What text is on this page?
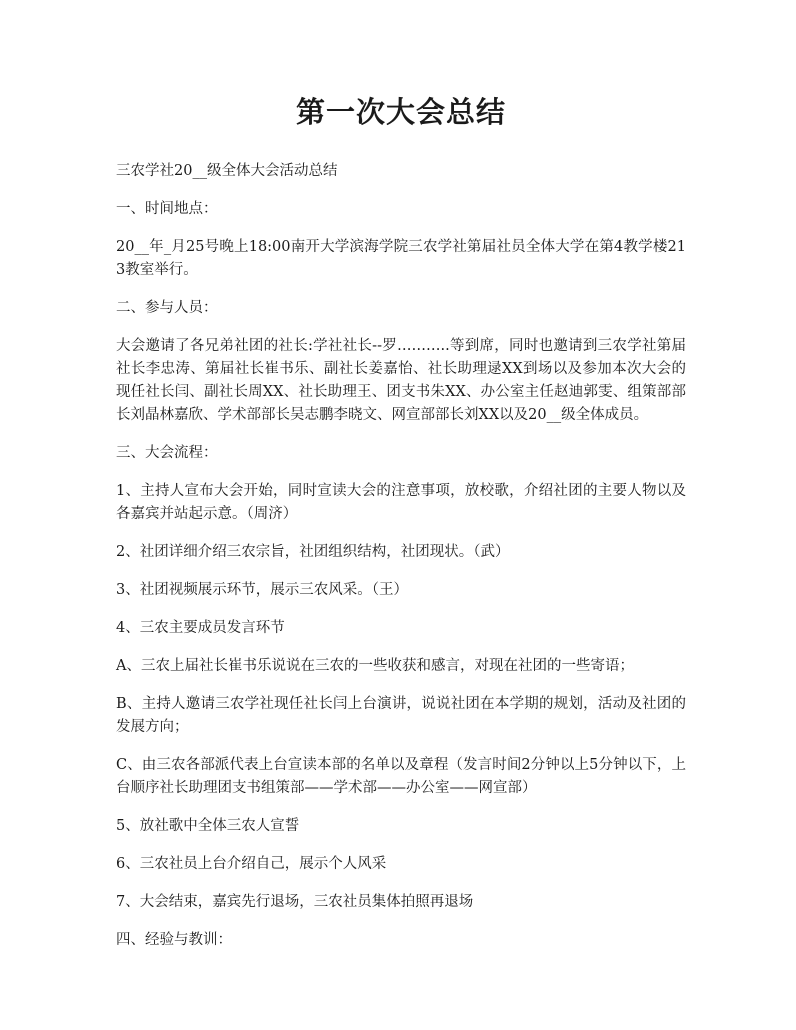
第一次大会总结

三农学社20__级全体大会活动总结

一、时间地点：

20__年_月25号晚上18:00南开大学滨海学院三农学社第届社员全体大学在第4教学楼213教室举行。

二、参与人员：

大会邀请了各兄弟社团的社长:学社社长--罗………..等到席，同时也邀请到三农学社第届社长李忠涛、第届社长崔书乐、副社长姜嘉怡、社长助理逯XX到场以及参加本次大会的现任社长闫、副社长周XX、社长助理王、团支书朱XX、办公室主任赵迪郭雯、组策部部长刘晶林嘉欣、学术部部长吴志鹏李晓文、网宣部部长刘XX以及20__级全体成员。

三、大会流程：

1、主持人宣布大会开始，同时宣读大会的注意事项，放校歌，介绍社团的主要人物以及各嘉宾并站起示意。（周济）

2、社团详细介绍三农宗旨，社团组织结构，社团现状。（武）

3、社团视频展示环节，展示三农风采。（王）

4、三农主要成员发言环节

A、三农上届社长崔书乐说说在三农的一些收获和感言，对现在社团的一些寄语；

B、主持人邀请三农学社现任社长闫上台演讲，说说社团在本学期的规划，活动及社团的发展方向；

C、由三农各部派代表上台宣读本部的名单以及章程（发言时间2分钟以上5分钟以下，上台顺序社长助理团支书组策部——学术部——办公室——网宣部）

5、放社歌中全体三农人宣誓

6、三农社员上台介绍自己，展示个人风采

7、大会结束，嘉宾先行退场，三农社员集体拍照再退场

四、经验与教训：
